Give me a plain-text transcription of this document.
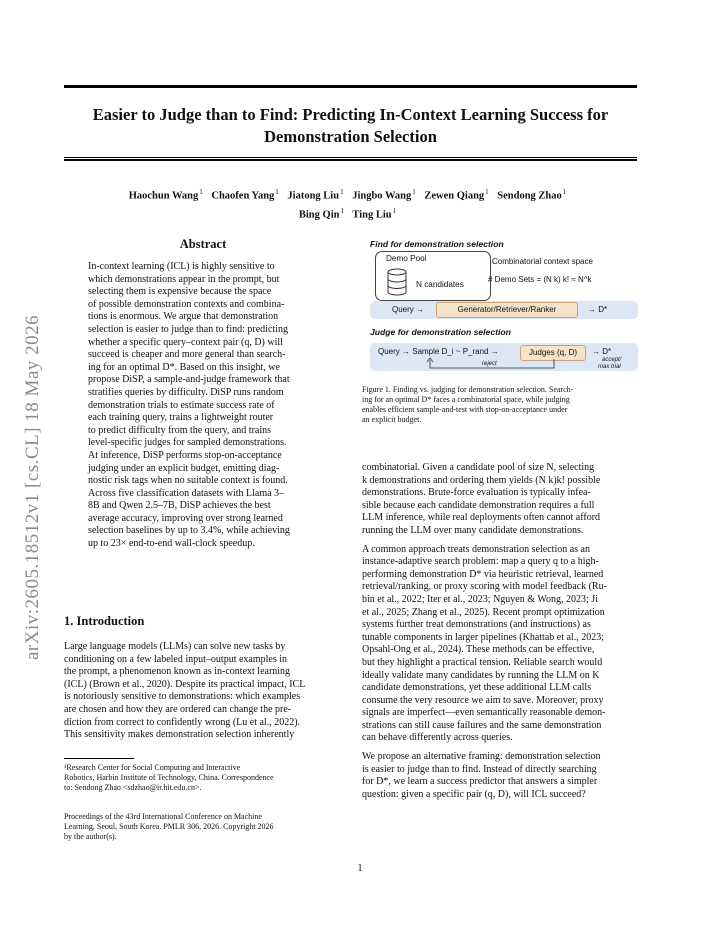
arXiv:2605.18512v1 [cs.CL] 18 May 2026
Easier to Judge than to Find: Predicting In-Context Learning Success for
Demonstration Selection
Haochun Wang$^1$ Chaofen Yang$^1$ Jiatong Liu$^1$ Jingbo Wang$^1$ Zewen Qiang$^1$ Sendong Zhao$^1$
Bing Qin$^1$ Ting Liu$^1$
Abstract
In-context learning (ICL) is highly sensitive to
which demonstrations appear in the prompt, but
selecting them is expensive because the space
of possible demonstration contexts and combina-
tions is enormous. We argue that demonstration
selection is easier to judge than to find: predicting
whether a specific query–context pair (q, D) will
succeed is cheaper and more general than search-
ing for an optimal D*. Based on this insight, we
propose DiSP, a sample-and-judge framework that
stratifies queries by difficulty. DiSP runs random
demonstration trials to estimate success rate of
each training query, trains a lightweight router
to predict difficulty from the query, and trains
level-specific judges for sampled demonstrations.
At inference, DiSP performs stop-on-acceptance
judging under an explicit budget, emitting diag-
nostic risk tags when no suitable context is found.
Across five classification datasets with Llama 3–
8B and Qwen 2.5–7B, DiSP achieves the best
average accuracy, improving over strong learned
selection baselines by up to 3.4%, while achieving
up to 23× end-to-end wall-clock speedup.
1. Introduction
Large language models (LLMs) can solve new tasks by
conditioning on a few labeled input–output examples in
the prompt, a phenomenon known as in-context learning
(ICL) (Brown et al., 2020). Despite its practical impact, ICL
is notoriously sensitive to demonstrations: which examples
are chosen and how they are ordered can change the pre-
diction from correct to confidently wrong (Lu et al., 2022).
This sensitivity makes demonstration selection inherently
combinatorial. Given a candidate pool of size N, selecting
k demonstrations and ordering them yields (N k)k! possible
demonstrations. Brute-force evaluation is typically infea-
sible because each candidate demonstration requires a full
LLM inference, while real deployments often cannot afford
running the LLM over many candidate demonstrations.

A common approach treats demonstration selection as an
instance-adaptive search problem: map a query q to a high-
performing demonstration D* via heuristic retrieval, learned
retrieval/ranking, or proxy scoring with model feedback (Ru-
bin et al., 2022; Iter et al., 2023; Nguyen & Wong, 2023; Ji
et al., 2025; Zhang et al., 2025). Recent prompt optimization
systems further treat demonstrations (and instructions) as
tunable components in larger pipelines (Khattab et al., 2023;
Opsahl-Ong et al., 2024). These methods can be effective,
but they highlight a practical tension. Reliable search would
ideally validate many candidates by running the LLM on K
candidate demonstrations, yet these additional LLM calls
consume the very resource we aim to save. Moreover, proxy
signals are imperfect—even semantically reasonable demon-
strations can still cause failures and the same demonstration
can behave differently across queries.

We propose an alternative framing: demonstration selection
is easier to judge than to find. Instead of directly searching
for D*, we learn a success predictor that answers a simpler
question: given a specific pair (q, D), will ICL succeed?
¹Research Center for Social Computing and Interactive
Robotics, Harbin Institute of Technology, China. Correspondence
to: Sendong Zhao <sdzhao@ir.hit.edu.cn>.
Proceedings of the 43rd International Conference on Machine
Learning, Seoul, South Korea. PMLR 306, 2026. Copyright 2026
by the author(s).
Find for demonstration selection
Demo Pool
N candidates
Combinatorial context space
# Demo Sets = (N k) k! ≈ N^k
Query →	Generator/Retriever/Ranker	→ D*
Judge for demonstration selection
Query → Sample D_i ~ P_rand →	Judges (q, D)	→ D*
reject
accept/
max trial
Figure 1. Finding vs. judging for demonstration selection. Search-
ing for an optimal D* faces a combinatorial space, while judging
enables efficient sample-and-test with stop-on-acceptance under
an explicit budget.
1
